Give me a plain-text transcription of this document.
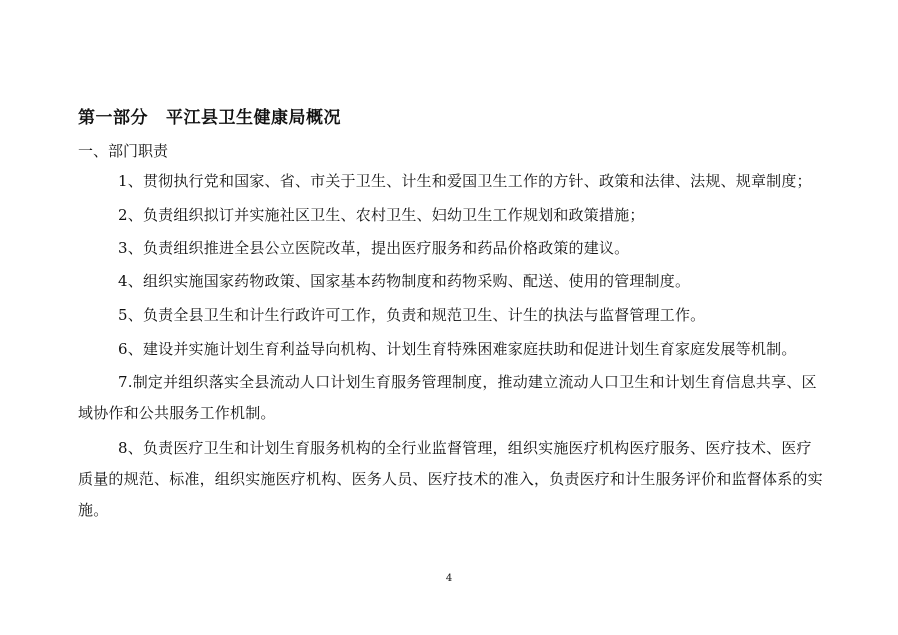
第一部分 平江县卫生健康局概况
一、部门职责
1、贯彻执行党和国家、省、市关于卫生、计生和爱国卫生工作的方针、政策和法律、法规、规章制度；
2、负责组织拟订并实施社区卫生、农村卫生、妇幼卫生工作规划和政策措施；
3、负责组织推进全县公立医院改革，提出医疗服务和药品价格政策的建议。
4、组织实施国家药物政策、国家基本药物制度和药物采购、配送、使用的管理制度。
5、负责全县卫生和计生行政许可工作，负责和规范卫生、计生的执法与监督管理工作。
6、建设并实施计划生育利益导向机构、计划生育特殊困难家庭扶助和促进计划生育家庭发展等机制。
7.制定并组织落实全县流动人口计划生育服务管理制度，推动建立流动人口卫生和计划生育信息共享、区域协作和公共服务工作机制。
8、负责医疗卫生和计划生育服务机构的全行业监督管理，组织实施医疗机构医疗服务、医疗技术、医疗质量的规范、标准，组织实施医疗机构、医务人员、医疗技术的准入，负责医疗和计生服务评价和监督体系的实施。
4
